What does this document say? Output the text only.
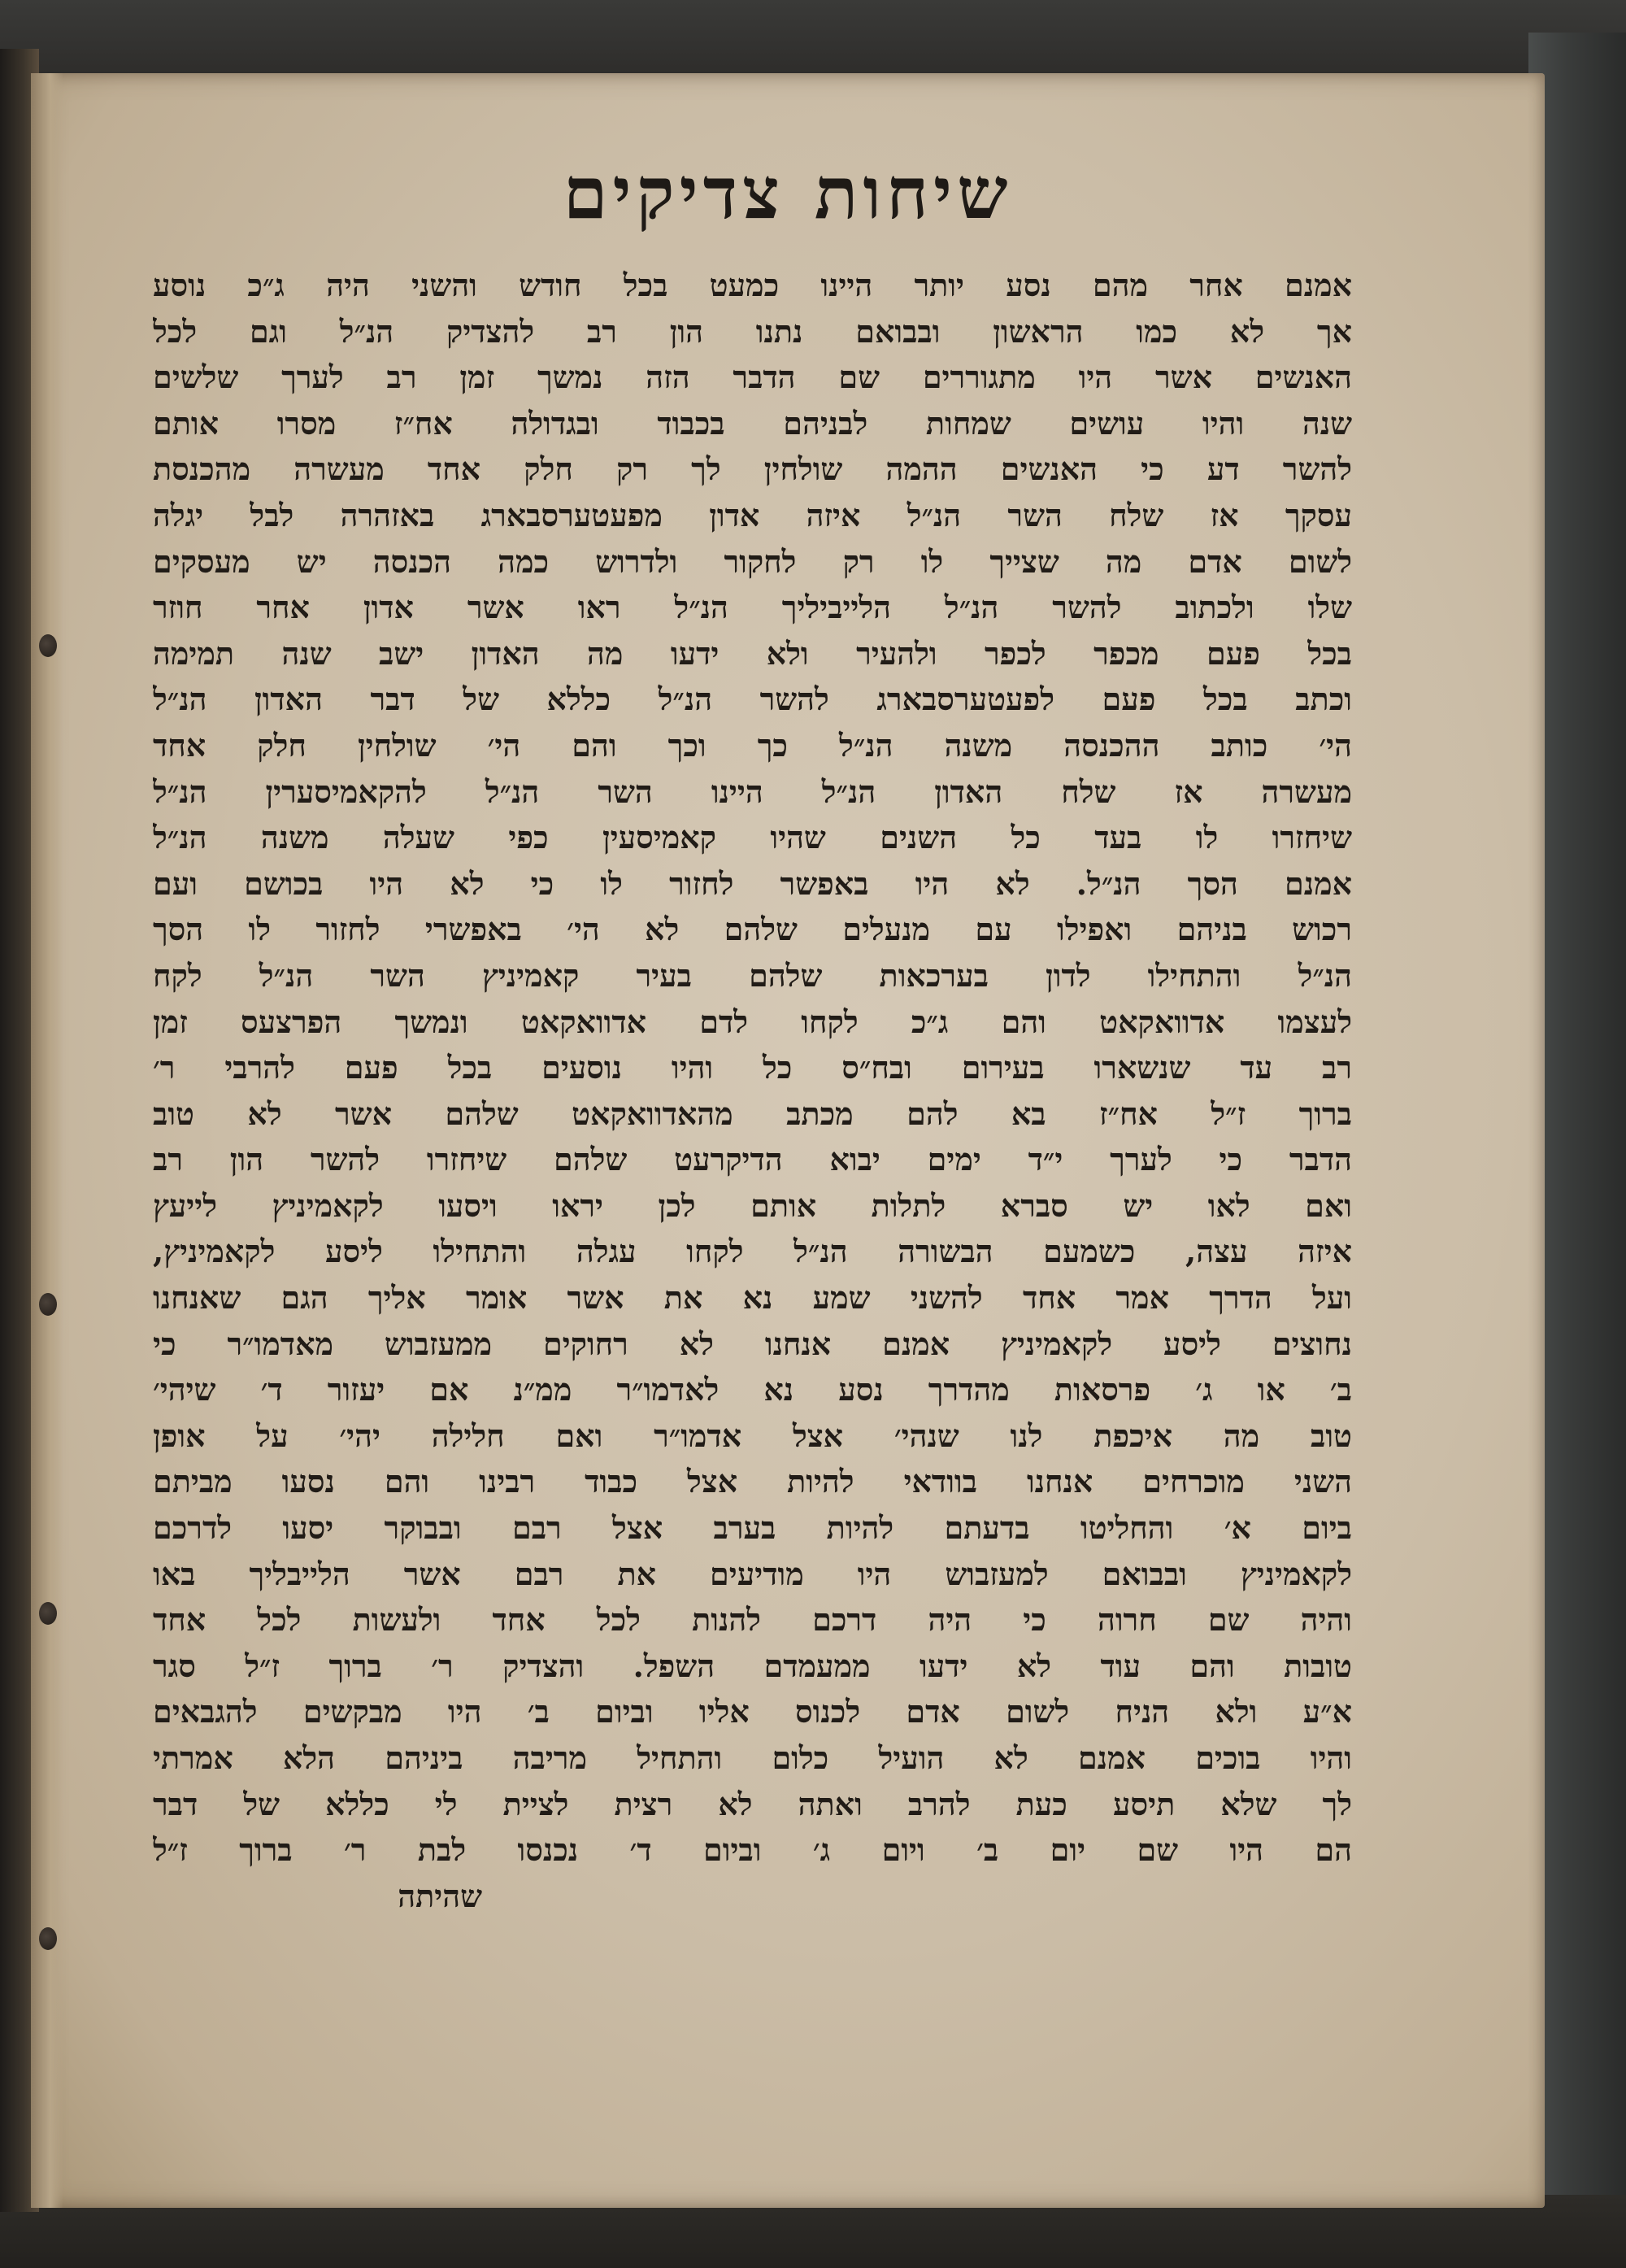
שיחות צדיקים
אמנם אחר מהם נסע יותר היינו כמעט בכל חודש והשני היה ג״כ נוסע
אך לא כמו הראשון ובבואם נתנו הון רב להצדיק הנ״ל וגם לכל
האנשים אשר היו מתגוררים שם הדבר הזה נמשך זמן רב לערך שלשים
שנה והיו עושים שמחות לבניהם בכבוד ובגדולה אח״ז מסרו אותם
להשר דע כי האנשים ההמה שולחין לך רק חלק אחד מעשרה מהכנסת
עסקך אז שלח השר הנ״ל איזה אדון מפעטערסבארג באזהרה לבל יגלה
לשום אדם מה שצייך לו רק לחקור ולדרוש כמה הכנסה יש מעסקים
שלו ולכתוב להשר הנ״ל הלייביליך הנ״ל ראו אשר אדון אחר חוזר
בכל פעם מכפר לכפר ולהעיר ולא ידעו מה האדון ישב שנה תמימה
וכתב בכל פעם לפעטערסבארג להשר הנ״ל כללא של דבר האדון הנ״ל
הי׳ כותב ההכנסה משנה הנ״ל כך וכך והם הי׳ שולחין חלק אחד
מעשרה אז שלח האדון הנ״ל היינו השר הנ״ל להקאמיסערין הנ״ל
שיחזרו לו בעד כל השנים שהיו קאמיסעין כפי שעלה משנה הנ״ל
אמנם הסך הנ״ל. לא היו באפשר לחזור לו כי לא היו בכושם ועם
רכוש בניהם ואפילו עם מנעלים שלהם לא הי׳ באפשרי לחזור לו הסך
הנ״ל והתחילו לדון בערכאות שלהם בעיר קאמיניץ השר הנ״ל לקח
לעצמו אדוואקאט והם ג״כ לקחו לדם אדוואקאט ונמשך הפרצעס זמן
רב עד שנשארו בעירום ובח״ס כל והיו נוסעים בכל פעם להרבי ר׳
ברוך ז״ל אח״ז בא להם מכתב מהאדוואקאט שלהם אשר לא טוב
הדבר כי לערך י״ד ימים יבוא הדיקרעט שלהם שיחזרו להשר הון רב
ואם לאו יש סברא לתלות אותם לכן יראו ויסעו לקאמיניץ לייעץ
איזה עצה, כשמעם הבשורה הנ״ל לקחו עגלה והתחילו ליסע לקאמיניץ,
ועל הדרך אמר אחד להשני שמע נא את אשר אומר אליך הגם שאנחנו
נחוצים ליסע לקאמיניץ אמנם אנחנו לא רחוקים ממעזבוש מאדמו״ר כי
ב׳ או ג׳ פרסאות מהדרך נסע נא לאדמו״ר ממ״נ אם יעזור ד׳ שיהי׳
טוב מה איכפת לנו שנהי׳ אצל אדמו״ר ואם חלילה יהי׳ על אופן
השני מוכרחים אנחנו בוודאי להיות אצל כבוד רבינו והם נסעו מביתם
ביום א׳ והחליטו בדעתם להיות בערב אצל רבם ובבוקר יסעו לדרכם
לקאמיניץ ובבואם למעזבוש היו מודיעים את רבם אשר הלייבליך באו
והיה שם חרוה כי היה דרכם להנות לכל אחד ולעשות לכל אחד
טובות והם עוד לא ידעו ממעמדם השפל. והצדיק ר׳ ברוך ז״ל סגר
א״ע ולא הניח לשום אדם לכנוס אליו וביום ב׳ היו מבקשים להגבאים
והיו בוכים אמנם לא הועיל כלום והתחיל מריבה ביניהם הלא אמרתי
לך שלא תיסע כעת להרב ואתה לא רצית לציית לי כללא של דבר
הם היו שם יום ב׳ ויום ג׳ וביום ד׳ נכנסו לבת ר׳ ברוך ז״ל
שהיתה
